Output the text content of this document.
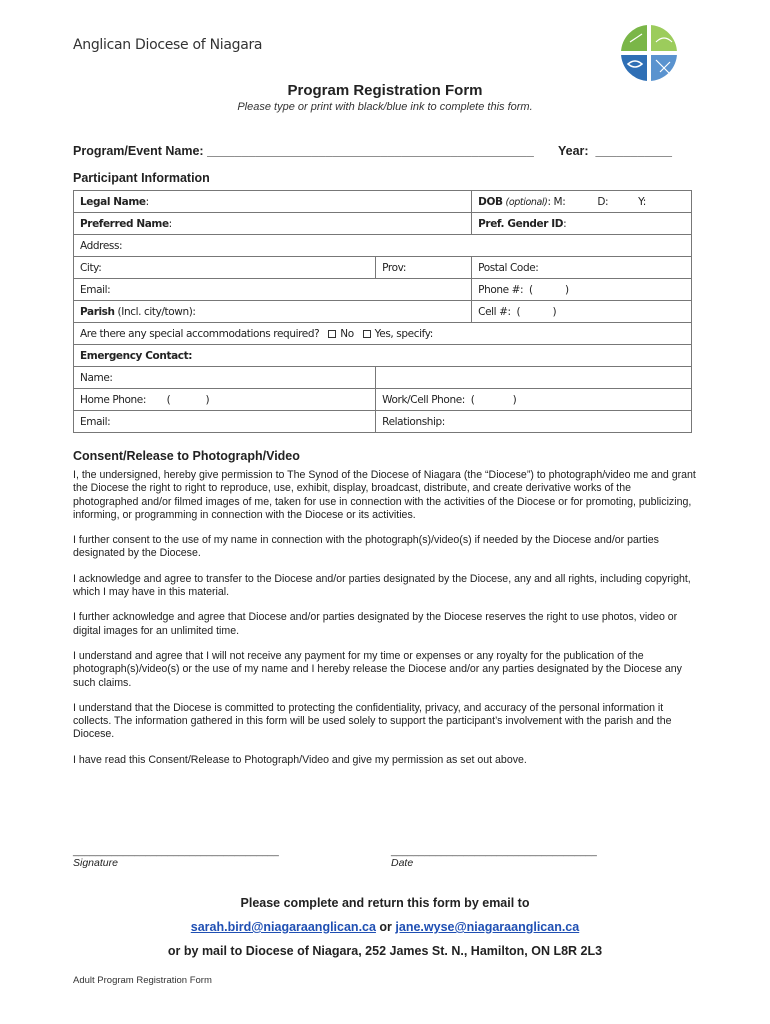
Anglican Diocese of Niagara
Program Registration Form
Please type or print with black/blue ink to complete this form.
Program/Event Name: _______________________________________________ Year:  ___________
Participant Information
Legal Name:		DOB (optional): M: D: Y:
Preferred Name:		Pref. Gender ID:
Address:		
City:	Prov:	Postal Code:
Email:		Phone #:  (           )
Parish (Incl. city/town):		Cell #:  (           )
Are there any special accommodations required? No Yes, specify:		
Emergency Contact:		
Name:		
Home Phone:       (            )	Work/Cell Phone:  (             )	
Email:	Relationship:	
Consent/Release to Photograph/Video

I, the undersigned, hereby give permission to The Synod of the Diocese of Niagara (the “Diocese”) to photograph/video me and grant the Diocese the right to right to reproduce, use, exhibit, display, broadcast, distribute, and create derivative works of the photographed and/or filmed images of me, taken for use in connection with the activities of the Diocese or for promoting, publicizing, informing, or programming in connection with the Diocese or its activities.

I further consent to the use of my name in connection with the photograph(s)/video(s) if needed by the Diocese and/or parties designated by the Diocese.

I acknowledge and agree to transfer to the Diocese and/or parties designated by the Diocese, any and all rights, including copyright, which I may have in this material.

I further acknowledge and agree that Diocese and/or parties designated by the Diocese reserves the right to use photos, video or digital images for an unlimited time.

I understand and agree that I will not receive any payment for my time or expenses or any royalty for the publication of the photograph(s)/video(s) or the use of my name and I hereby release the Diocese and/or any parties designated by the Diocese any such claims.

I understand that the Diocese is committed to protecting the confidentiality, privacy, and accuracy of the personal information it collects. The information gathered in this form will be used solely to support the participant’s involvement with the parish and the Diocese.

I have read this Consent/Release to Photograph/Video and give my permission as set out above.

_____________________________________
Signature
_____________________________________
Date
Please complete and return this form by email to
sarah.bird@niagaraanglican.ca or jane.wyse@niagaraanglican.ca
or by mail to Diocese of Niagara, 252 James St. N., Hamilton, ON L8R 2L3
Adult Program Registration Form
